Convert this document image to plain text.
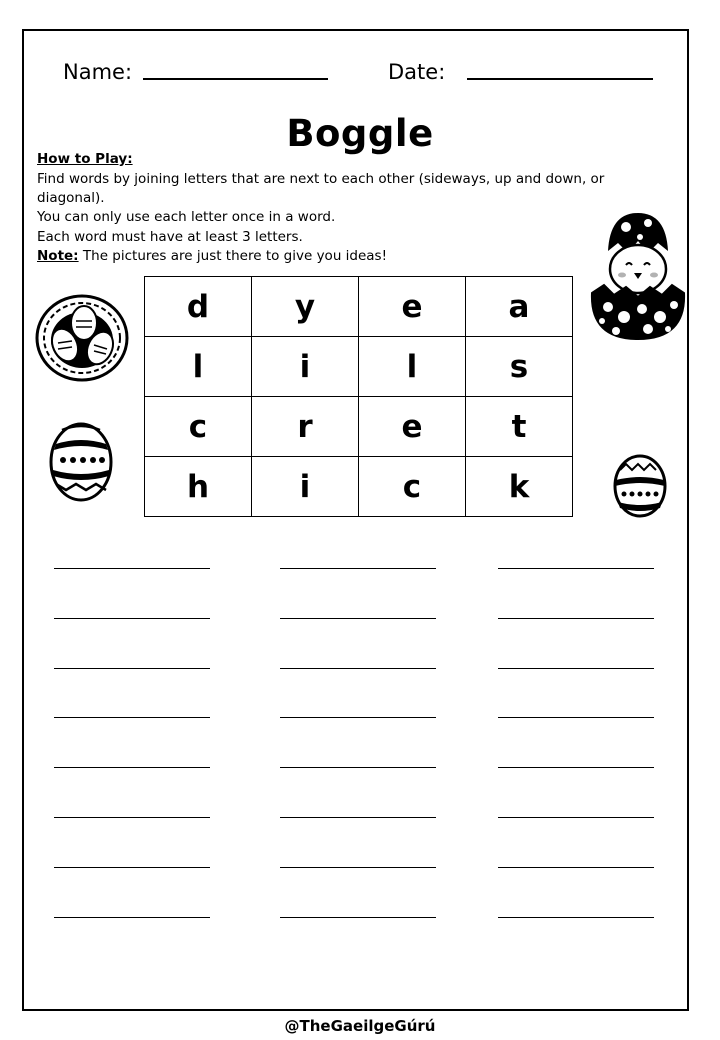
Name:	Date:
Boggle
How to Play:
Find words by joining letters that are next to each other (sideways, up and down, or
diagonal).
You can only use each letter once in a word.
Each word must have at least 3 letters.
Note: The pictures are just there to give you ideas!
d	y	e	a
l	i	l	s
c	r	e	t
h	i	c	k
@TheGaeilgeGúrú
